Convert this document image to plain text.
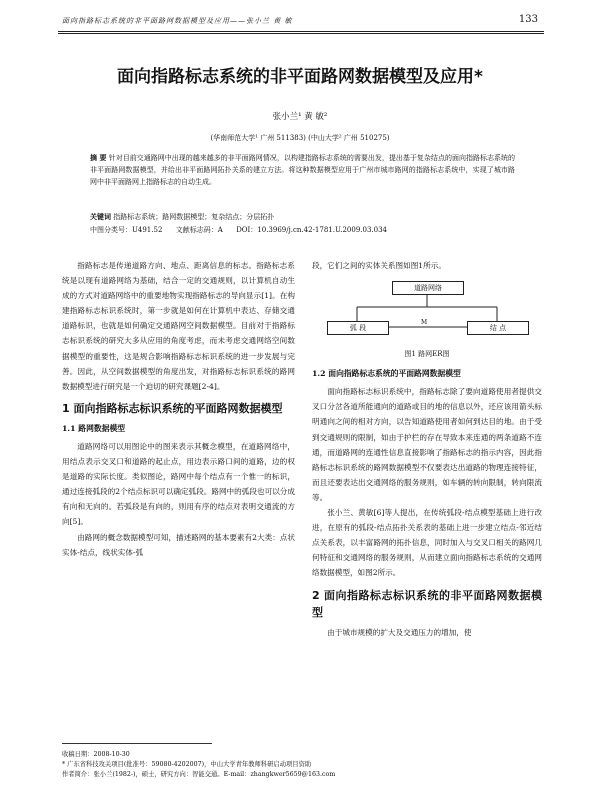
面向指路标志系统的非平面路网数据模型及应用——张小兰 黄 敏	133
面向指路标志系统的非平面路网数据模型及应用*
张小兰¹ 黄 敏²
(华南师范大学¹ 广州 511383) (中山大学² 广州 510275)
摘 要 针对目前交通路网中出现的越来越多的非平面路网情况，以构建指路标志系统的需要出发，提出基于复杂结点的面向指路标志系统的非平面路网数据模型，并给出非平面路网拓扑关系的建立方法。将这种数据模型应用于广州市城市路网的指路标志系统中，实现了城市路网中非平面路网上指路标志的自动生成。
关键词 指路标志系统；路网数据模型；复杂结点；分层拓扑
中图分类号：U491.52 文献标志码：A DOI：10.3969/j.cn.42-1781.U.2009.03.034

指路标志是传递道路方向、地点、距离信息的标志。指路标志系统是以现有道路网络为基础，结合一定的交通规则，以计算机自动生成的方式对道路网络中的重要地物实现指路标志的导向显示[1]。在构建指路标志标识系统时，第一步就是如何在计算机中表达、存储交通道路标识，也就是如何确定交通路网空间数据模型。目前对于指路标志标识系统的研究大多从应用的角度考虑，而未考虑交通网络空间数据模型的重要性，这是规合影响指路标志标识系统的进一步发展与完善。因此，从空间数据模型的角度出发，对指路标志标识系统的路网数据模型进行研究是一个迫切的研究课题[2-4]。

1 面向指路标志标识系统的平面路网数据模型
1.1 路网数据模型

道路网络可以用图论中的图来表示其概念模型，在道路网络中，用结点表示交叉口和道路的起止点，用边表示路口间的道路，边的权是道路的实际长度。类似图论，路网中每个结点有一个惟一的标识，通过连接弧段的2个结点标识可以确定弧段。路网中的弧段也可以分成有向和无向的。若弧段是有向的，则用有序的结点对表明交通流的方向[5]。

由路网的概念数据模型可知，描述路网的基本要素有2大类：点状实体-结点，线状实体-弧

段，它们之间的实体关系图如图1所示。

道路网络
弧 段	结 点
M
图1 路网ER图
1.2 面向指路标志系统的平面路网数据模型

面向指路标志标识系统中，指路标志除了要向道路使用者提供交叉口分岔各道所能通向的道路或目的地的信息以外，还应该用箭头标明通向之间的相对方向，以告知道路使用者如何到达目的地。由于受到交通规则的限制，如由于护栏的存在导致本来连通的两条道路不连通，而道路网的连通性信息直接影响了指路标志的指示内容，因此指路标志标识系统的路网数据模型不仅要表达出道路的物理连接特征，而且还要表达出交通网络的服务规则，如车辆的转向限制，转向限流等。

张小兰、黄敏[6]等人提出，在传统弧段-结点模型基础上进行改进，在原有的弧段-结点拓扑关系表的基础上进一步建立结点-邻近结点关系表，以丰富路网的拓扑信息，同时加入与交叉口相关的路网几何特征和交通网络的服务规则，从而建立面向指路标志系统的交通网络数据模型，如图2所示。

2 面向指路标志标识系统的非平面路网数据模型

由于城市规模的扩大及交通压力的增加，使

收稿日期：2008-10-30
* 广东省科技攻关项目(批准号：59080-4202007)，中山大学青年教师科研启动项目资助
作者简介：张小兰(1982-)，硕士，研究方向：智能交通。E-mail：zhangkwer5659@163.com
